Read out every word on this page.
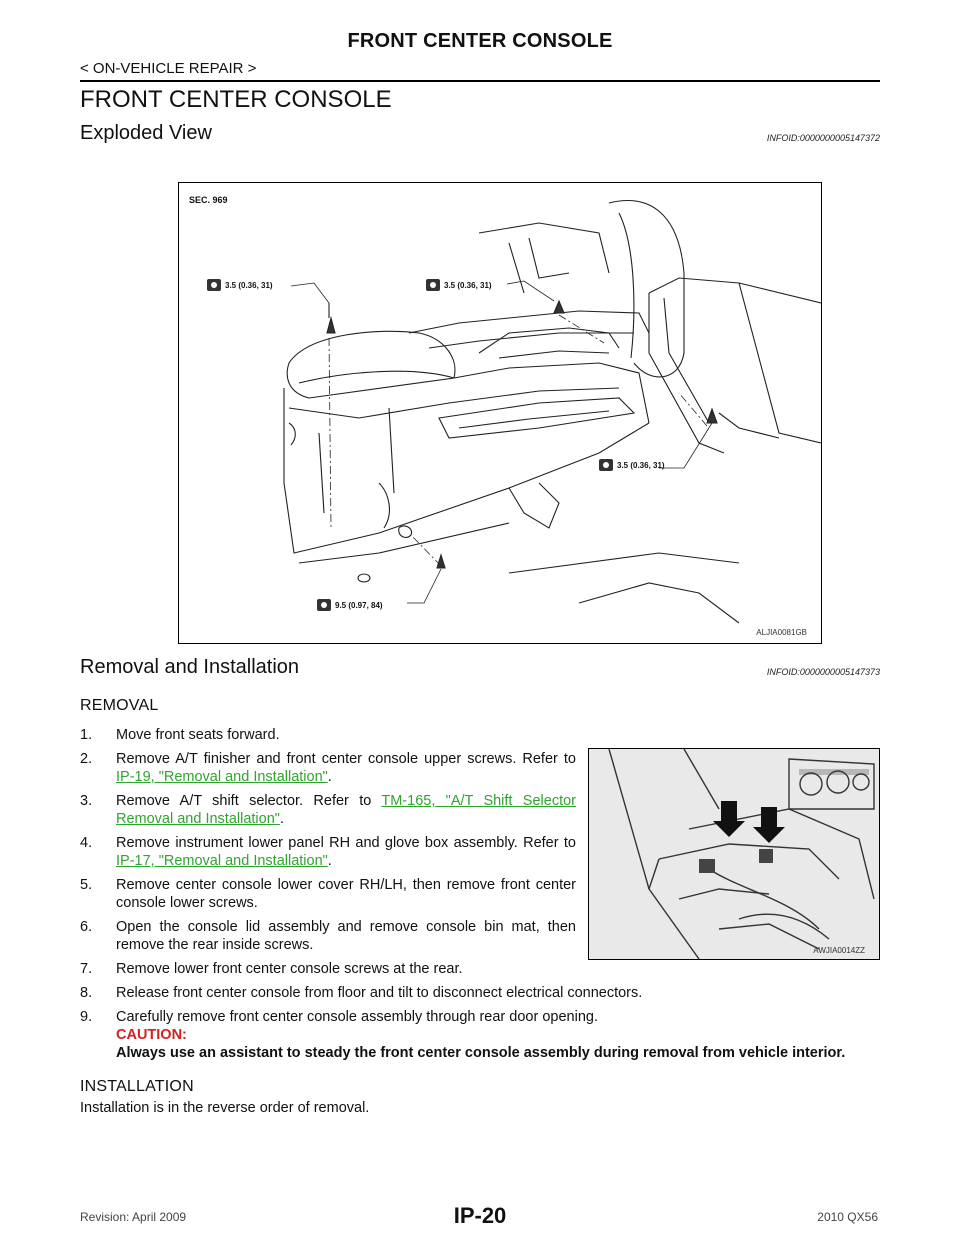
FRONT CENTER CONSOLE
< ON-VEHICLE REPAIR >
FRONT CENTER CONSOLE
Exploded View	INFOID:0000000005147372
SEC. 969
3.5 (0.36, 31)	3.5 (0.36, 31)
3.5 (0.36, 31)
9.5 (0.97, 84)
ALJIA0081GB
Removal and Installation	INFOID:0000000005147373
REMOVAL
AWJIA0014ZZ
1. Move front seats forward.
2. Remove A/T finisher and front center console upper screws. Refer to IP-19, "Removal and Installation".
3. Remove A/T shift selector. Refer to TM-165, "A/T Shift Selector Removal and Installation".
4. Remove instrument lower panel RH and glove box assembly. Refer to IP-17, "Removal and Installation".
5. Remove center console lower cover RH/LH, then remove front center console lower screws.
6. Open the console lid assembly and remove console bin mat, then remove the rear inside screws.
7. Remove lower front center console screws at the rear.
8. Release front center console from floor and tilt to disconnect electrical connectors.
9. Carefully remove front center console assembly through rear door opening.
CAUTION:
Always use an assistant to steady the front center console assembly during removal from vehicle interior.
INSTALLATION
Installation is in the reverse order of removal.
Revision: April 2009	IP-20	2010 QX56
